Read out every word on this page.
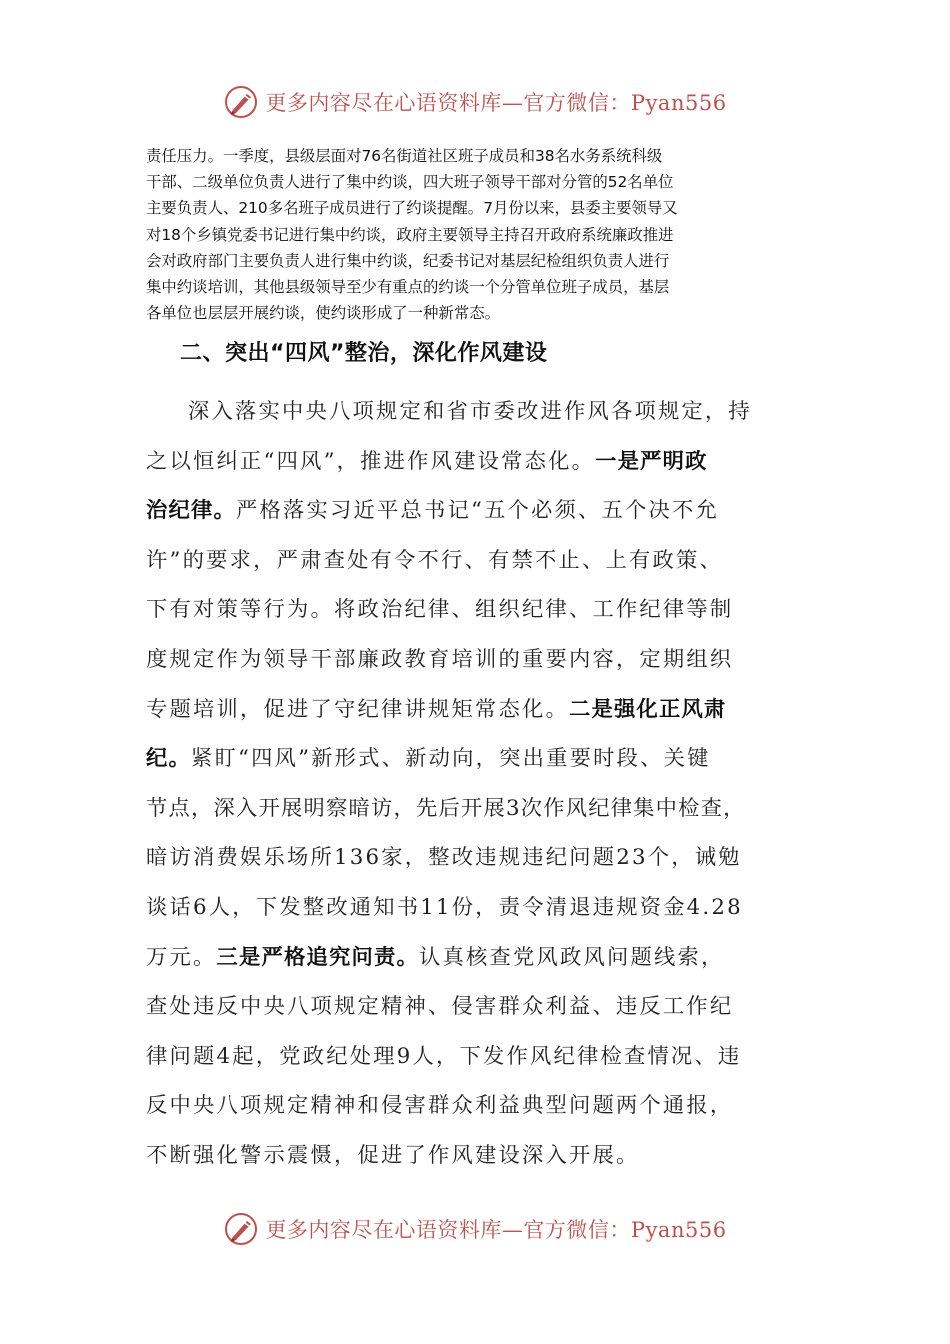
更多内容尽在心语资料库—官方微信：Pyan556
责任压力。一季度，县级层面对76名街道社区班子成员和38名水务系统科级
干部、二级单位负责人进行了集中约谈，四大班子领导干部对分管的52名单位
主要负责人、210多名班子成员进行了约谈提醒。7月份以来，县委主要领导又
对18个乡镇党委书记进行集中约谈，政府主要领导主持召开政府系统廉政推进
会对政府部门主要负责人进行集中约谈，纪委书记对基层纪检组织负责人进行
集中约谈培训，其他县级领导至少有重点的约谈一个分管单位班子成员，基层
各单位也层层开展约谈，使约谈形成了一种新常态。
二、突出“四风”整治，深化作风建设
深入落实中央八项规定和省市委改进作风各项规定，持
之以恒纠正“四风”，推进作风建设常态化。一是严明政
治纪律。严格落实习近平总书记“五个必须、五个决不允
许”的要求，严肃查处有令不行、有禁不止、上有政策、
下有对策等行为。将政治纪律、组织纪律、工作纪律等制
度规定作为领导干部廉政教育培训的重要内容，定期组织
专题培训，促进了守纪律讲规矩常态化。二是强化正风肃
纪。紧盯“四风”新形式、新动向，突出重要时段、关键
节点，深入开展明察暗访，先后开展3次作风纪律集中检查，
暗访消费娱乐场所136家，整改违规违纪问题23个，诫勉
谈话6人，下发整改通知书11份，责令清退违规资金4.28
万元。三是严格追究问责。认真核查党风政风问题线索，
查处违反中央八项规定精神、侵害群众利益、违反工作纪
律问题4起，党政纪处理9人，下发作风纪律检查情况、违
反中央八项规定精神和侵害群众利益典型问题两个通报，
不断强化警示震慑，促进了作风建设深入开展。
更多内容尽在心语资料库—官方微信：Pyan556
